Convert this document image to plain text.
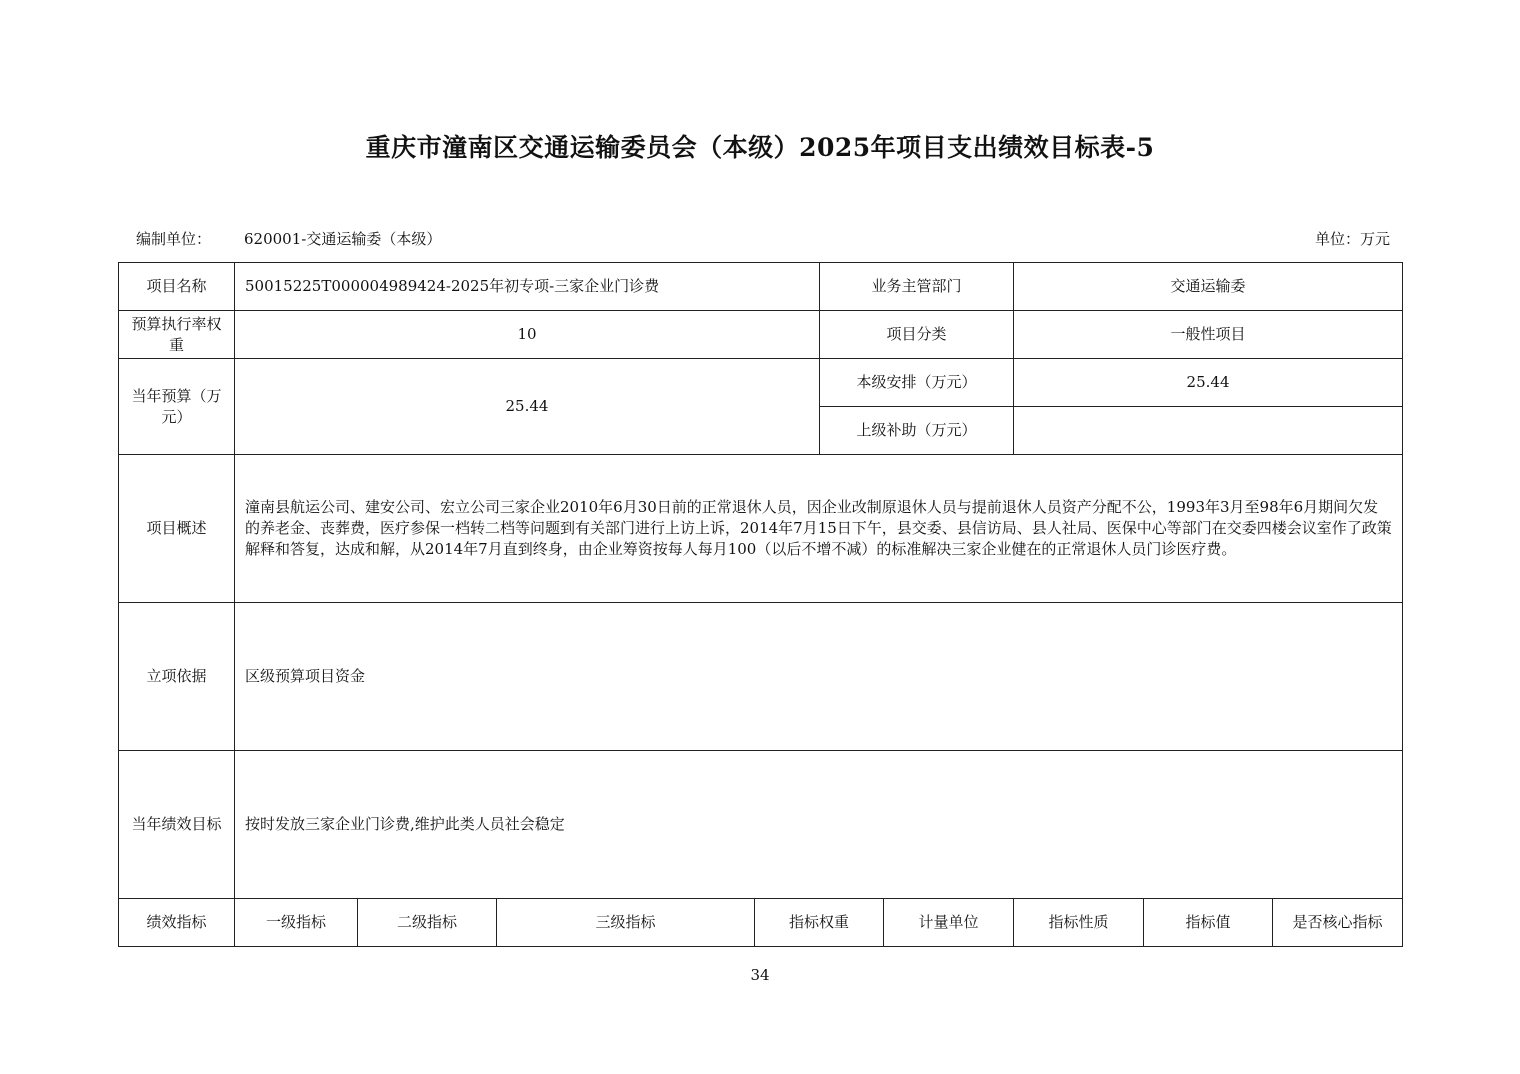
重庆市潼南区交通运输委员会（本级）2025年项目支出绩效目标表-5
编制单位： 620001-交通运输委（本级）	单位：万元
项目名称	50015225T000004989424-2025年初专项-三家企业门诊费				业务主管部门		交通运输委		
预算执行率权重	10				项目分类		一般性项目		
当年预算（万元）	25.44				本级安排（万元）		25.44		
					上级补助（万元）				
项目概述	潼南县航运公司、建安公司、宏立公司三家企业2010年6月30日前的正常退休人员，因企业改制原退休人员与提前退休人员资产分配不公，1993年3月至98年6月期间欠发的养老金、丧葬费，医疗参保一档转二档等问题到有关部门进行上访上诉，2014年7月15日下午，县交委、县信访局、县人社局、医保中心等部门在交委四楼会议室作了政策解释和答复，达成和解，从2014年7月直到终身，由企业筹资按每人每月100（以后不增不减）的标准解决三家企业健在的正常退休人员门诊医疗费。								
立项依据	区级预算项目资金								
当年绩效目标	按时发放三家企业门诊费,维护此类人员社会稳定								
绩效指标	一级指标	二级指标	三级指标	指标权重		计量单位	指标性质	指标值	是否核心指标
34
